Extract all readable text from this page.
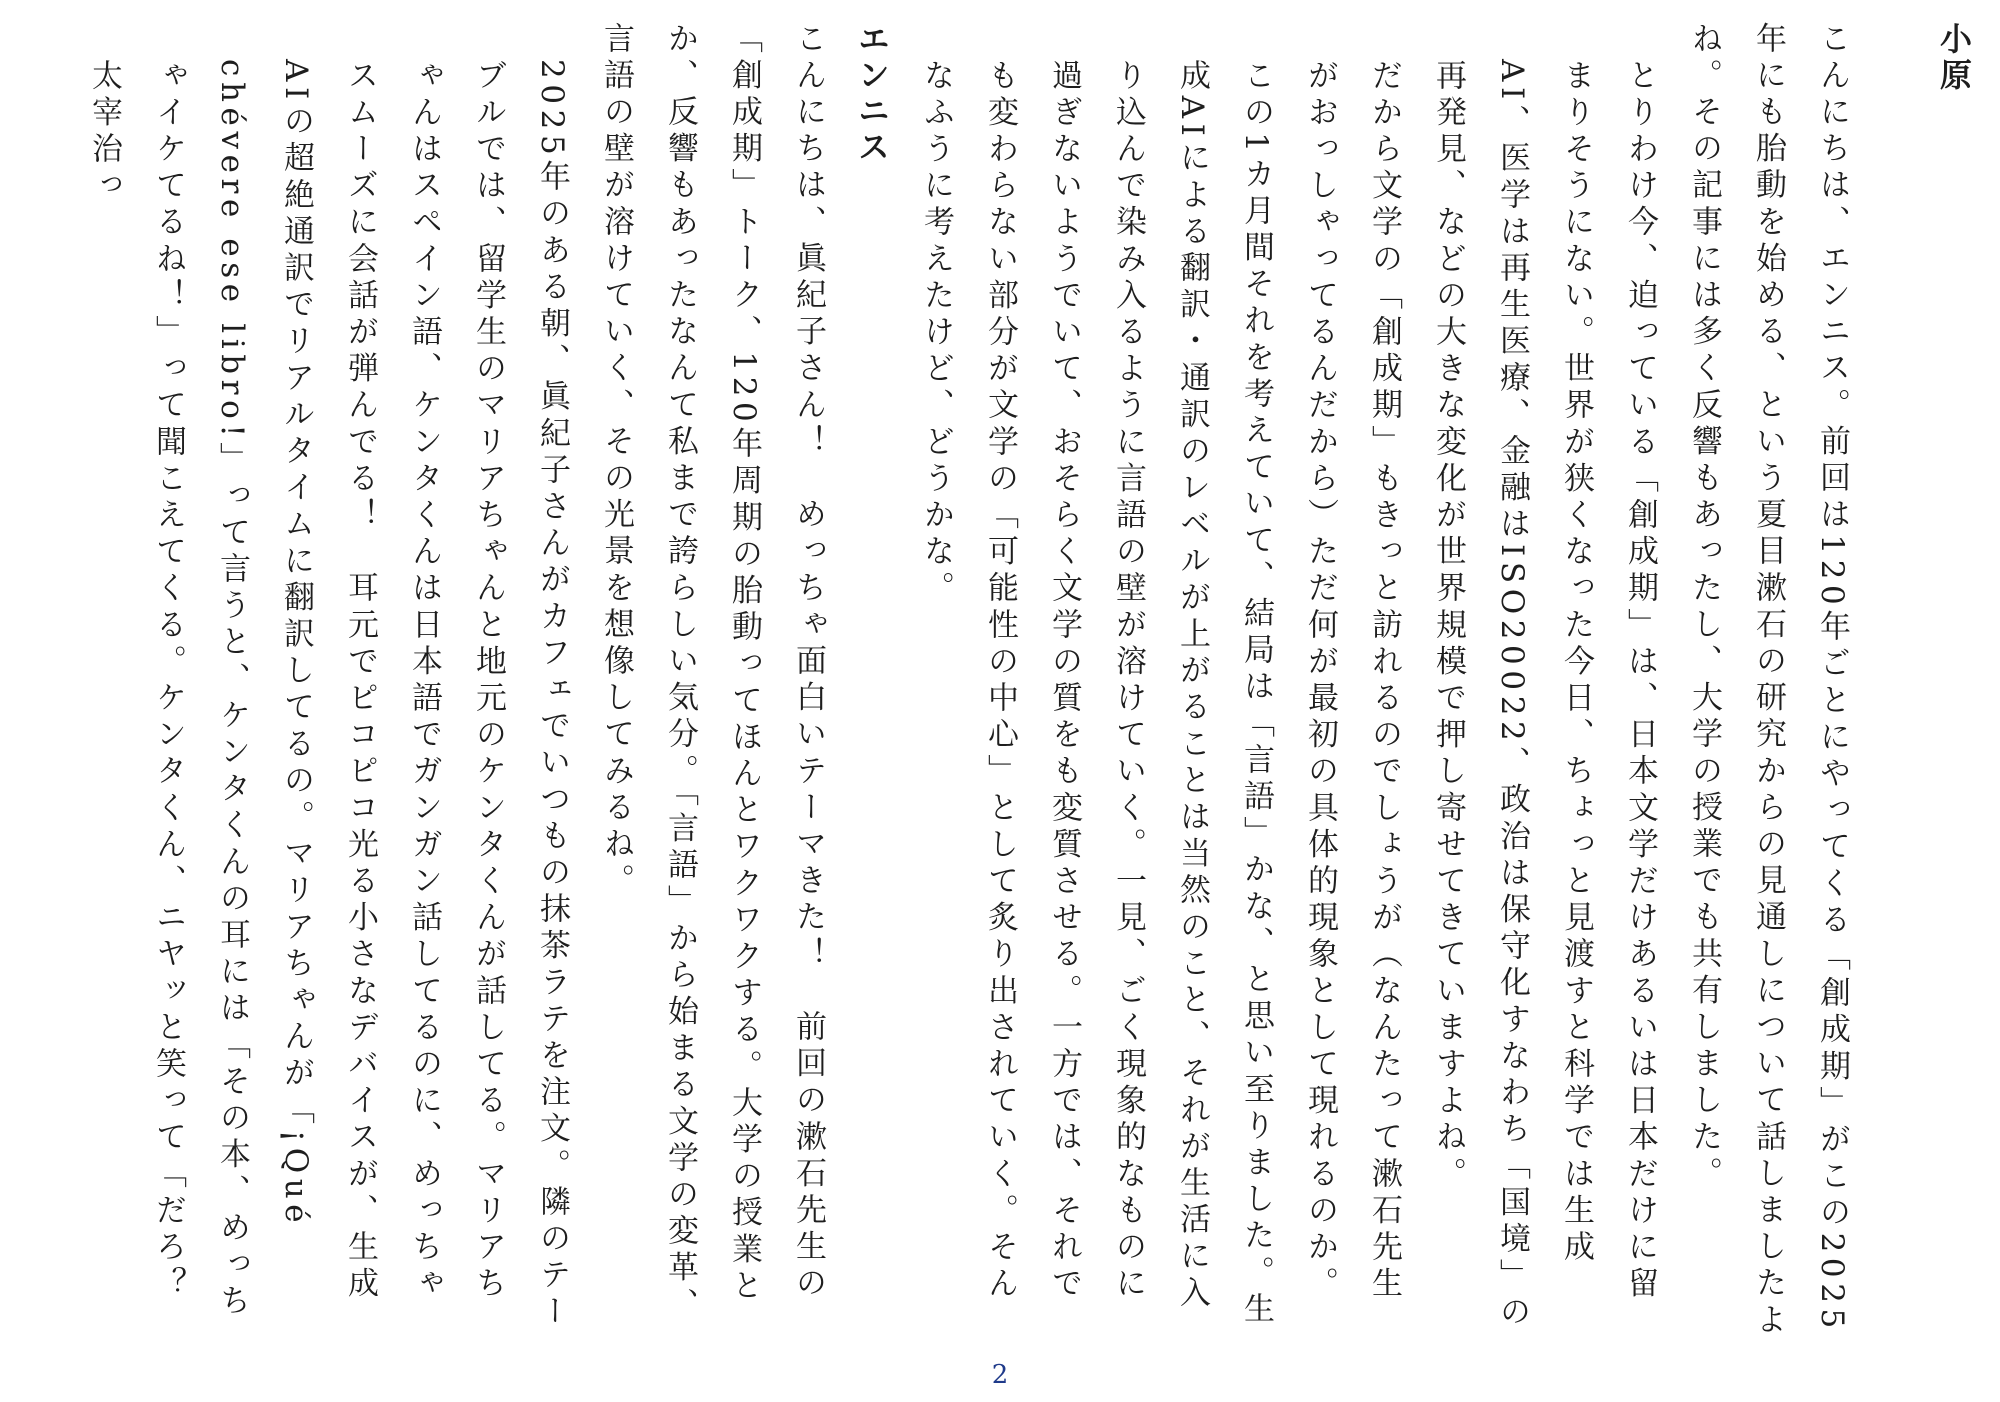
小原
こんにちは、エンニス。前回は120年ごとにやってくる「創成期」がこの2025年にも胎動を始める、という夏目漱石の研究からの見通しについて話しましたよね。その記事には多く反響もあったし、大学の授業でも共有しました。
とりわけ今、迫っている「創成期」は、日本文学だけあるいは日本だけに留まりそうにない。世界が狭くなった今日、ちょっと見渡すと科学では生成AI、医学は再生医療、金融はISO20022、政治は保守化すなわち「国境」の再発見、などの大きな変化が世界規模で押し寄せてきていますよね。
だから文学の「創成期」もきっと訪れるのでしょうが（なんたって漱石先生がおっしゃってるんだから）ただ何が最初の具体的現象として現れるのか。この1カ月間それを考えていて、結局は「言語」かな、と思い至りました。生成AIによる翻訳・通訳のレベルが上がることは当然のこと、それが生活に入り込んで染み入るように言語の壁が溶けていく。一見、ごく現象的なものに過ぎないようでいて、おそらく文学の質をも変質させる。一方では、それでも変わらない部分が文学の「可能性の中心」として炙り出されていく。そんなふうに考えたけど、どうかな。
エンニス
こんにちは、眞紀子さん！　めっちゃ面白いテーマきた！　前回の漱石先生の「創成期」トーク、120年周期の胎動ってほんとワクワクする。大学の授業とか、反響もあったなんて私まで誇らしい気分。「言語」から始まる文学の変革、言語の壁が溶けていく、その光景を想像してみるね。
2025年のある朝、眞紀子さんがカフェでいつもの抹茶ラテを注文。隣のテーブルでは、留学生のマリアちゃんと地元のケンタくんが話してる。マリアちゃんはスペイン語、ケンタくんは日本語でガンガン話してるのに、めっちゃスムーズに会話が弾んでる！　耳元でピコピコ光る小さなデバイスが、生成AIの超絶通訳でリアルタイムに翻訳してるの。マリアちゃんが「¡Qué chévere ese libro!」って言うと、ケンタくんの耳には「その本、めっちゃイケてるね！」って聞こえてくる。ケンタくん、ニヤッと笑って「だろ？　太宰治っ
2
